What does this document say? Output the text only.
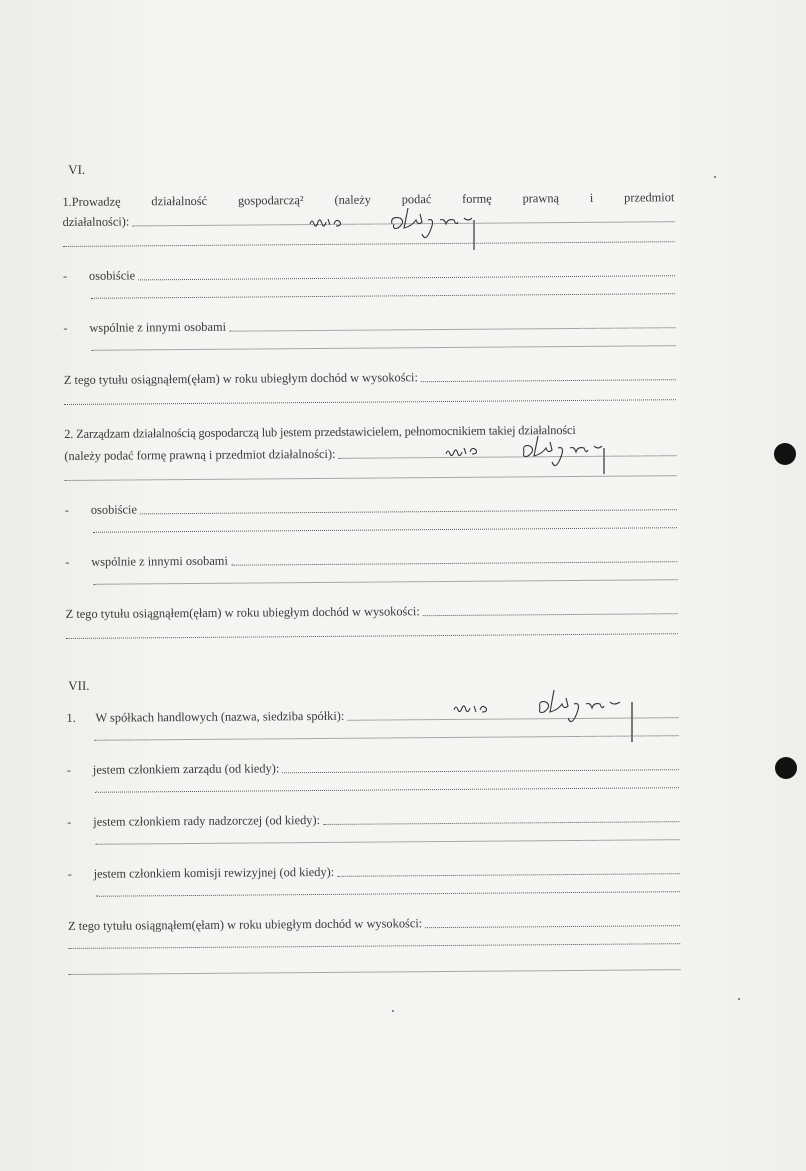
VI.
1.Prowadzę działalność gospodarczą² (należy podać formę prawną i przedmiot
działalności):
-	osobiście
-	wspólnie z innymi osobami
Z tego tytułu osiągnąłem(ęłam) w roku ubiegłym dochód w wysokości:
2. Zarządzam działalnością gospodarczą lub jestem przedstawicielem, pełnomocnikiem takiej działalności
(należy podać formę prawną i przedmiot działalności):
-	osobiście
-	wspólnie z innymi osobami
Z tego tytułu osiągnąłem(ęłam) w roku ubiegłym dochód w wysokości:
VII.
1.	W spółkach handlowych (nazwa, siedziba spółki):
-	jestem członkiem zarządu (od kiedy):
-	jestem członkiem rady nadzorczej (od kiedy):
-	jestem członkiem komisji rewizyjnej (od kiedy):
Z tego tytułu osiągnąłem(ęłam) w roku ubiegłym dochód w wysokości:
